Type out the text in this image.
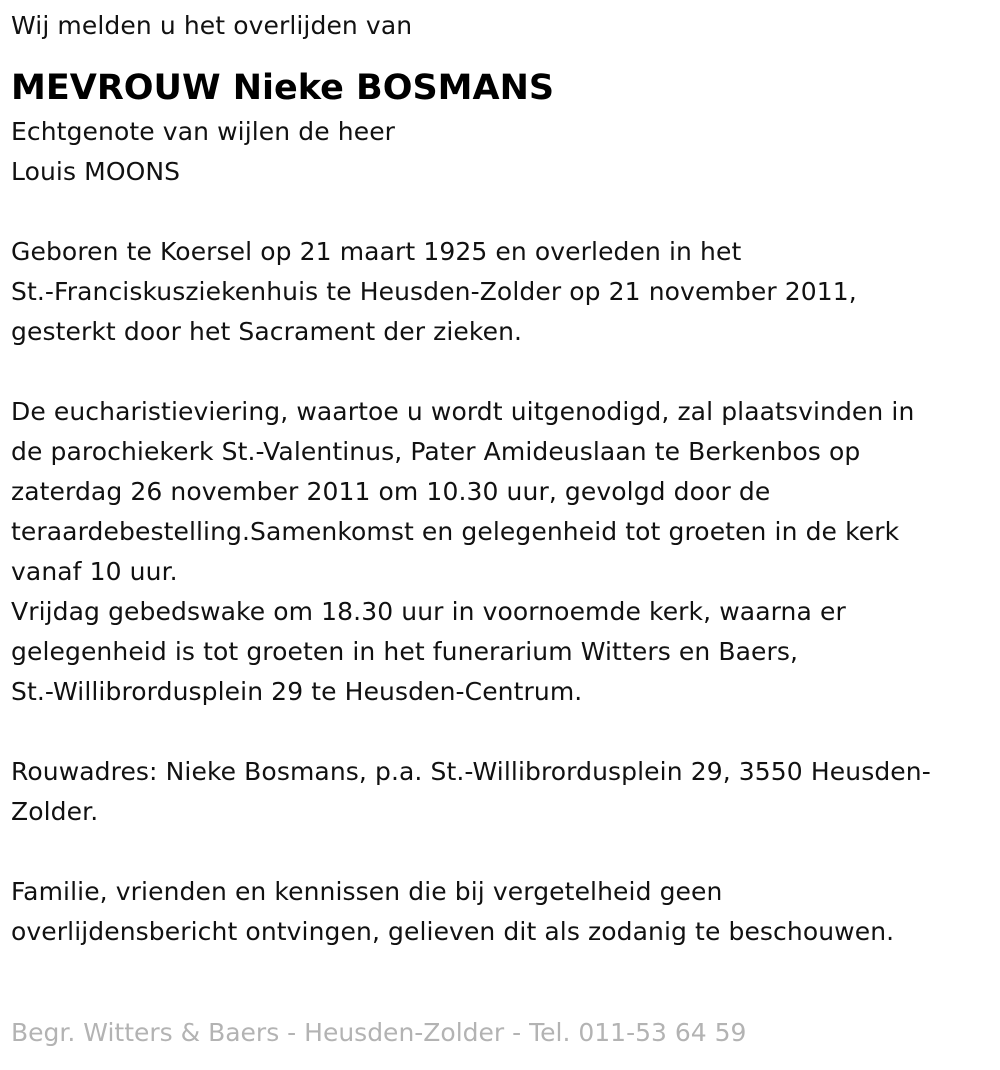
Wij melden u het overlijden van
MEVROUW Nieke BOSMANS
Echtgenote van wijlen de heer
Louis MOONS
Geboren te Koersel op 21 maart 1925 en overleden in het
St.-Franciskusziekenhuis te Heusden-Zolder op 21 november 2011,
gesterkt door het Sacrament der zieken.
De eucharistieviering, waartoe u wordt uitgenodigd, zal plaatsvinden in
de parochiekerk St.-Valentinus, Pater Amideuslaan te Berkenbos op
zaterdag 26 november 2011 om 10.30 uur, gevolgd door de
teraardebestelling.Samenkomst en gelegenheid tot groeten in de kerk
vanaf 10 uur.
Vrijdag gebedswake om 18.30 uur in voornoemde kerk, waarna er
gelegenheid is tot groeten in het funerarium Witters en Baers,
St.-Willibrordusplein 29 te Heusden-Centrum.
Rouwadres: Nieke Bosmans, p.a. St.-Willibrordusplein 29, 3550 Heusden-
Zolder.
Familie, vrienden en kennissen die bij vergetelheid geen
overlijdensbericht ontvingen, gelieven dit als zodanig te beschouwen.
Begr. Witters & Baers - Heusden-Zolder - Tel. 011-53 64 59
